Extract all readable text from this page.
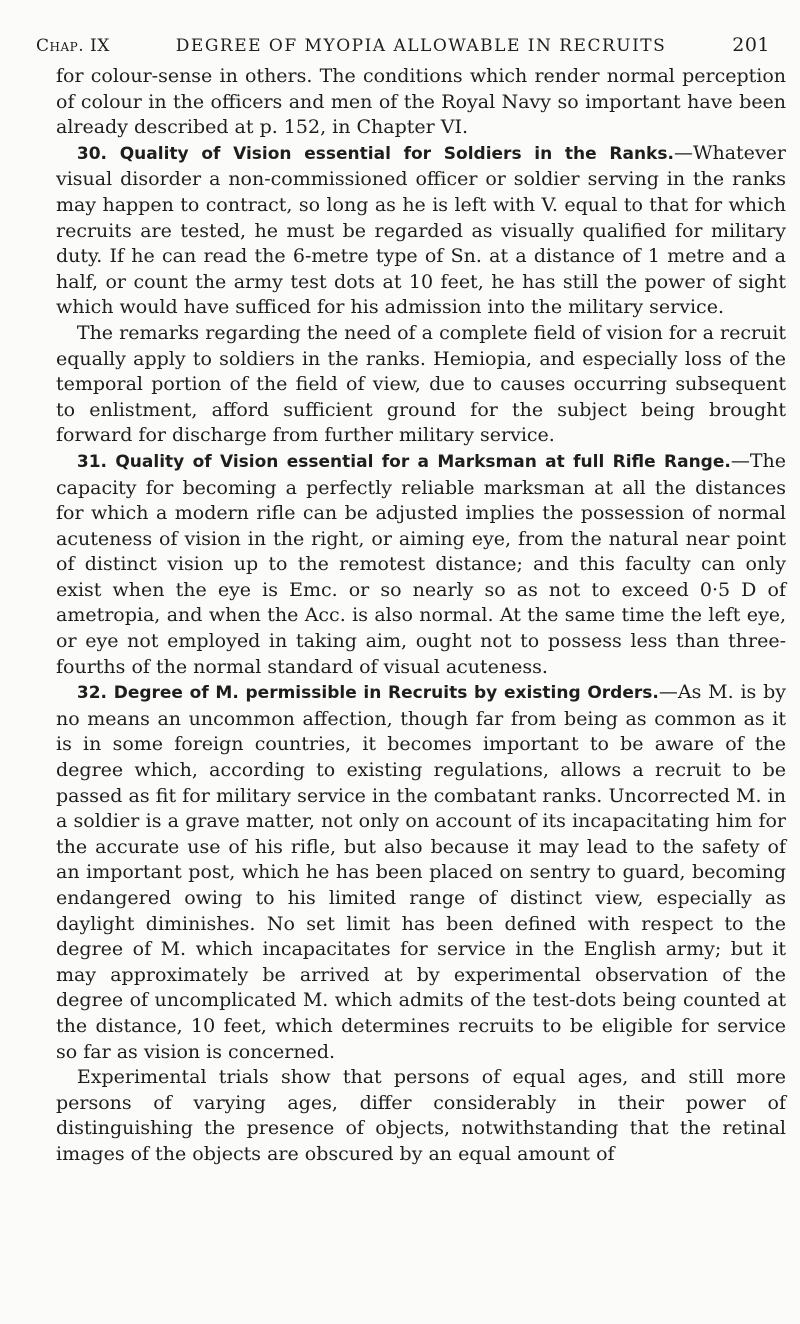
Chap. IX	DEGREE OF MYOPIA ALLOWABLE IN RECRUITS	201

for colour-sense in others. The conditions which render normal perception of colour in the officers and men of the Royal Navy so important have been already described at p. 152, in Chapter VI.

30. Quality of Vision essential for Soldiers in the Ranks.—Whatever visual disorder a non-commissioned officer or soldier serving in the ranks may happen to contract, so long as he is left with V. equal to that for which recruits are tested, he must be regarded as visually qualified for military duty. If he can read the 6-metre type of Sn. at a distance of 1 metre and a half, or count the army test dots at 10 feet, he has still the power of sight which would have sufficed for his admission into the military service.

The remarks regarding the need of a complete field of vision for a recruit equally apply to soldiers in the ranks. Hemiopia, and especially loss of the temporal portion of the field of view, due to causes occurring subsequent to enlistment, afford sufficient ground for the subject being brought forward for discharge from further military service.

31. Quality of Vision essential for a Marksman at full Rifle Range.—The capacity for becoming a perfectly reliable marksman at all the distances for which a modern rifle can be adjusted implies the possession of normal acuteness of vision in the right, or aiming eye, from the natural near point of distinct vision up to the remotest distance; and this faculty can only exist when the eye is Emc. or so nearly so as not to exceed 0·5 D of ametropia, and when the Acc. is also normal. At the same time the left eye, or eye not employed in taking aim, ought not to possess less than three-fourths of the normal standard of visual acuteness.

32. Degree of M. permissible in Recruits by existing Orders.—As M. is by no means an uncommon affection, though far from being as common as it is in some foreign countries, it becomes important to be aware of the degree which, according to existing regulations, allows a recruit to be passed as fit for military service in the combatant ranks. Uncorrected M. in a soldier is a grave matter, not only on account of its incapacitating him for the accurate use of his rifle, but also because it may lead to the safety of an important post, which he has been placed on sentry to guard, becoming endangered owing to his limited range of distinct view, especially as daylight diminishes. No set limit has been defined with respect to the degree of M. which incapacitates for service in the English army; but it may approximately be arrived at by experimental observation of the degree of uncomplicated M. which admits of the test-dots being counted at the distance, 10 feet, which determines recruits to be eligible for service so far as vision is concerned.

Experimental trials show that persons of equal ages, and still more persons of varying ages, differ considerably in their power of distinguishing the presence of objects, notwithstanding that the retinal images of the objects are obscured by an equal amount of
